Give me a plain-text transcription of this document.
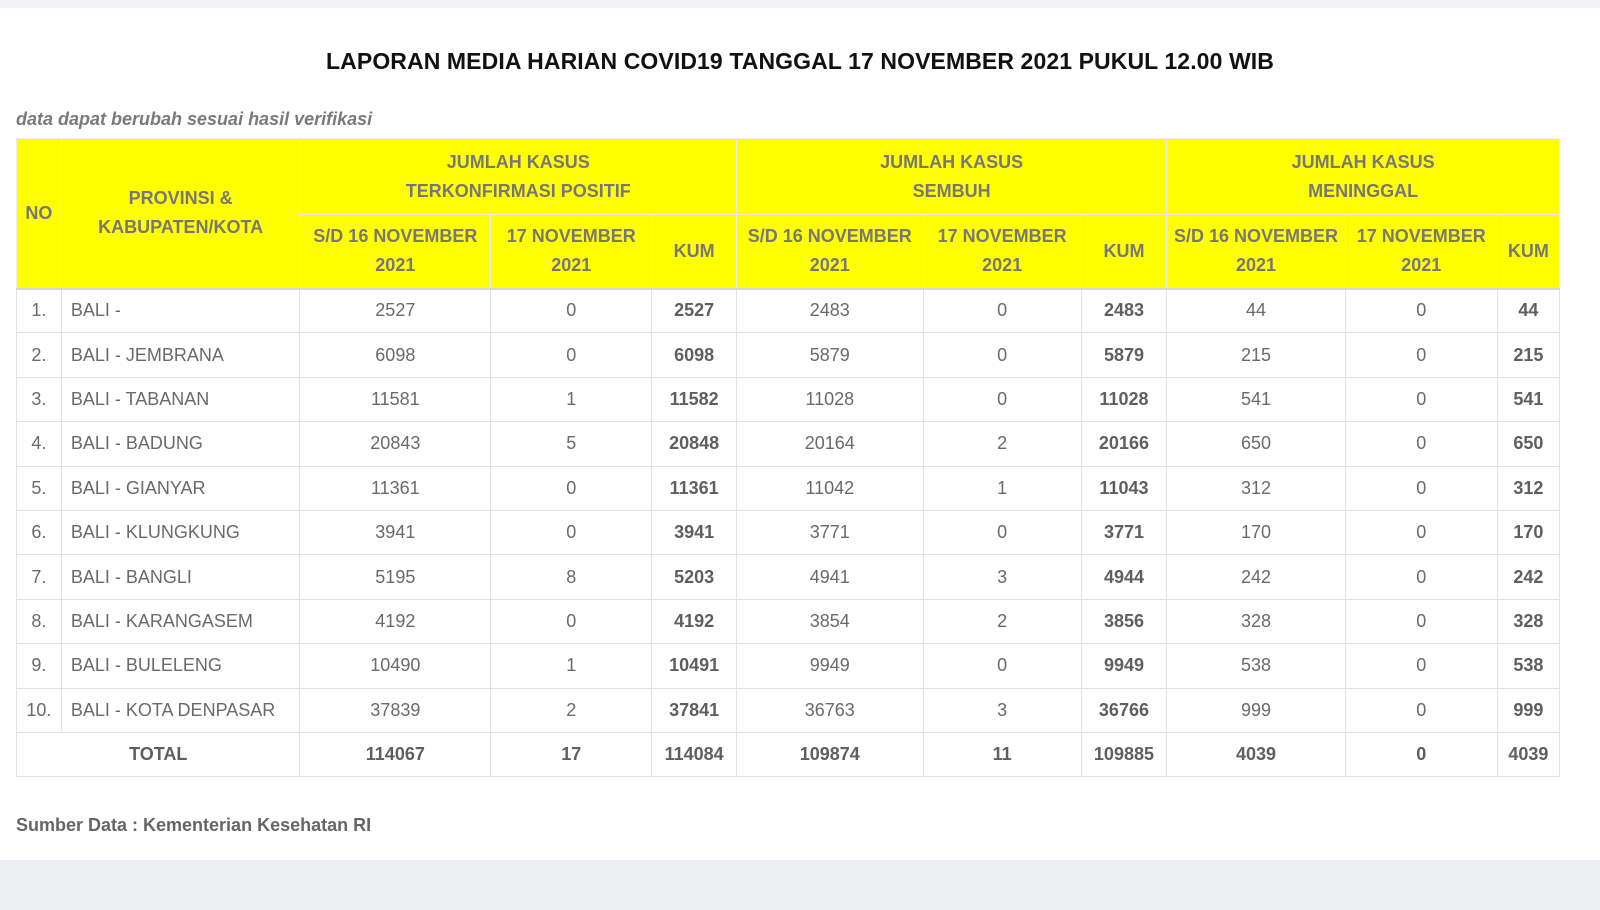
LAPORAN MEDIA HARIAN COVID19 TANGGAL 17 NOVEMBER 2021 PUKUL 12.00 WIB
data dapat berubah sesuai hasil verifikasi
NO	PROVINSI & KABUPATEN/KOTA	JUMLAH KASUS TERKONFIRMASI POSITIF			JUMLAH KASUS SEMBUH			JUMLAH KASUS MENINGGAL		
		S/D 16 NOVEMBER 2021	17 NOVEMBER 2021	KUM	S/D 16 NOVEMBER 2021	17 NOVEMBER 2021	KUM	S/D 16 NOVEMBER 2021	17 NOVEMBER 2021	KUM
1.	BALI -	2527	0	2527	2483	0	2483	44	0	44
2.	BALI - JEMBRANA	6098	0	6098	5879	0	5879	215	0	215
3.	BALI - TABANAN	11581	1	11582	11028	0	11028	541	0	541
4.	BALI - BADUNG	20843	5	20848	20164	2	20166	650	0	650
5.	BALI - GIANYAR	11361	0	11361	11042	1	11043	312	0	312
6.	BALI - KLUNGKUNG	3941	0	3941	3771	0	3771	170	0	170
7.	BALI - BANGLI	5195	8	5203	4941	3	4944	242	0	242
8.	BALI - KARANGASEM	4192	0	4192	3854	2	3856	328	0	328
9.	BALI - BULELENG	10490	1	10491	9949	0	9949	538	0	538
10.	BALI - KOTA DENPASAR	37839	2	37841	36763	3	36766	999	0	999
TOTAL		114067	17	114084	109874	11	109885	4039	0	4039
Sumber Data : Kementerian Kesehatan RI
